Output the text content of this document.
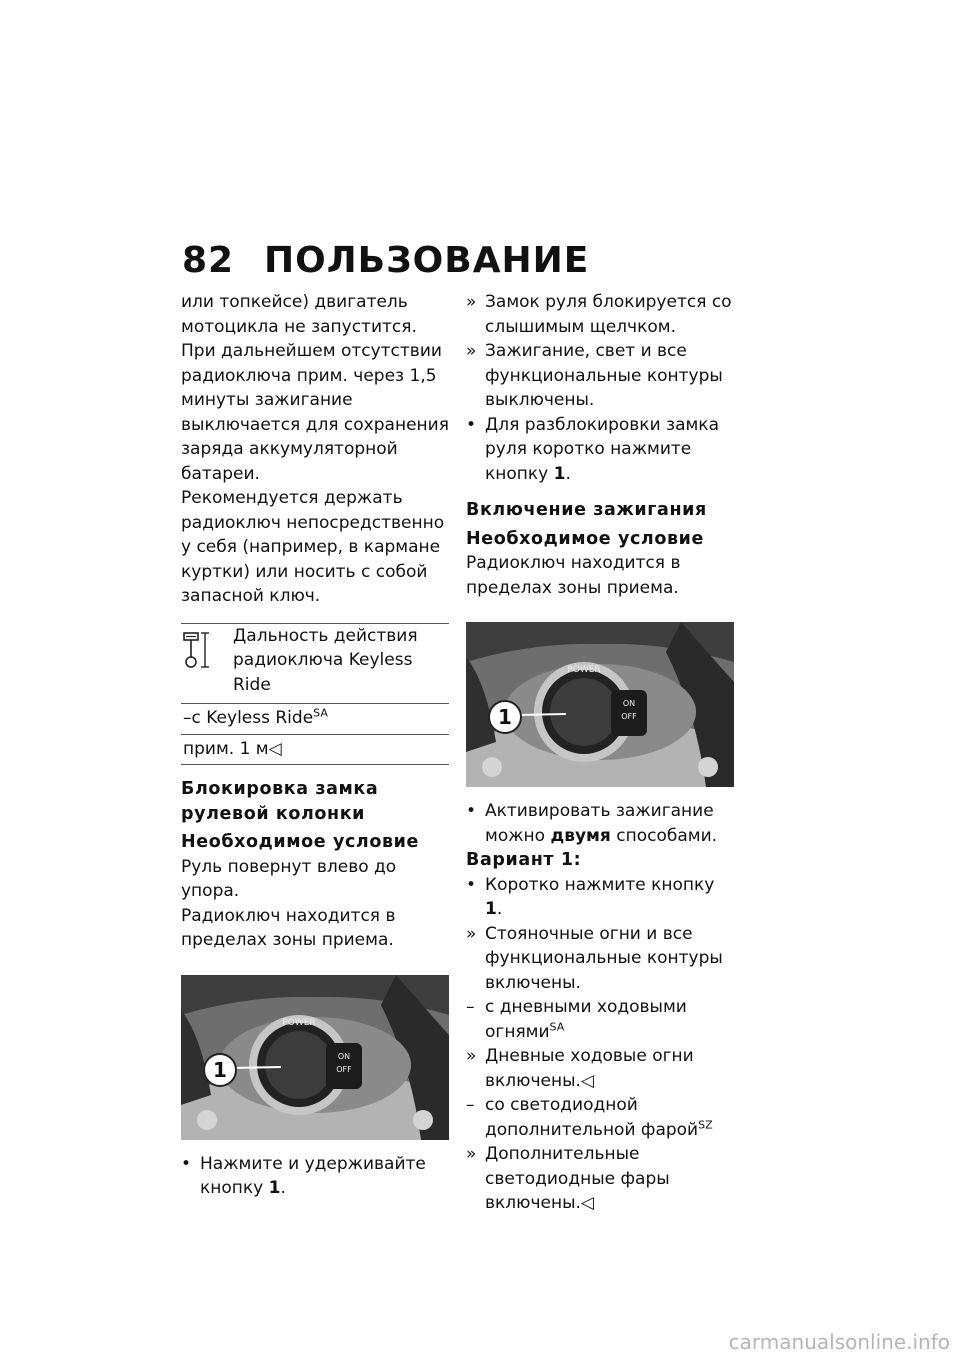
82 ПОЛЬЗОВАНИЕ

или топкейсе) двигатель мотоцикла не запустится.

При дальнейшем отсутствии радиоключа прим. через 1,5 минуты зажигание выключается для сохранения заряда аккумуляторной батареи.

Рекомендуется держать радиоключ непосредственно у себя (например, в кармане куртки) или носить с собой запасной ключ.

Дальность действия радиоключа Keyless Ride
–с Keyless Ride$^{SA}$
прим. 1 м◁

Блокировка замка рулевой колонки

Необходимое условие

Руль повернут влево до упора.

Радиоключ находится в пределах зоны приема.

POWER
ON
OFF
1
• Нажмите и удерживайте кнопку 1.
» Замок руля блокируется со слышимым щелчком.
» Зажигание, свет и все функциональные контуры выключены.
• Для разблокировки замка руля коротко нажмите кнопку 1.

Включение зажигания

Необходимое условие

Радиоключ находится в пределах зоны приема.

POWER
ON
OFF
1
• Активировать зажигание можно двумя способами.

Вариант 1:

• Коротко нажмите кнопку 1.
» Стояночные огни и все функциональные контуры включены.
– с дневными ходовыми огнями$^{SA}$
» Дневные ходовые огни включены.◁
– со светодиодной дополнительной фарой$^{SZ}$
» Дополнительные светодиодные фары включены.◁
carmanualsonline.info
